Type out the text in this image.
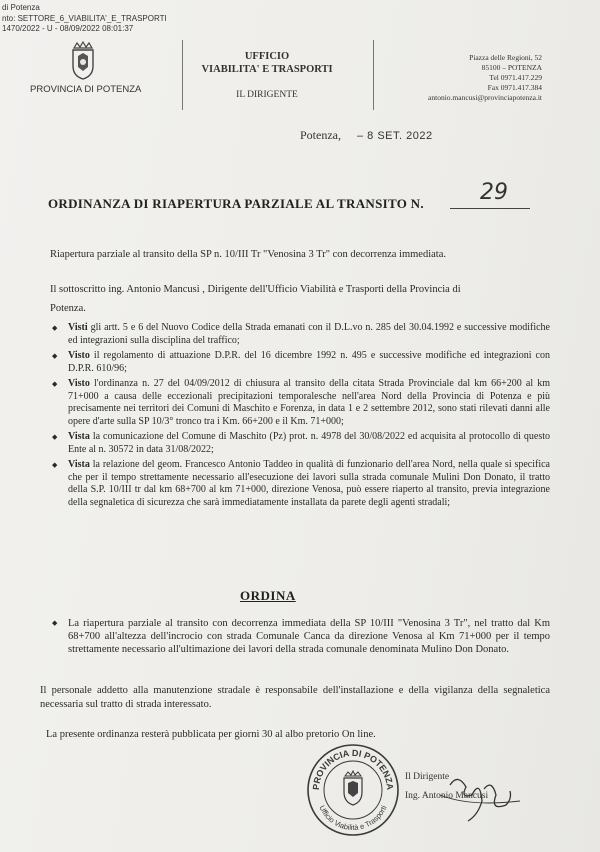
di Potenza
nto: SETTORE_6_VIABILITA'_E_TRASPORTI
1470/2022 - U - 08/09/2022 08:01:37
PROVINCIA DI POTENZA
UFFICIO
VIABILITA' E TRASPORTI
IL DIRIGENTE
Piazza delle Regioni, 52
85100 – POTENZA
Tel 0971.417.229
Fax 0971.417.384
antonio.mancusi@provinciapotenza.it
Potenza, – 8 SET. 2022
ORDINANZA DI RIAPERTURA PARZIALE AL TRANSITO N.	29
Riapertura parziale al transito della SP n. 10/III Tr "Venosina 3 Tr" con decorrenza immediata.
Il sottoscritto ing. Antonio Mancusi , Dirigente dell'Ufficio Viabilità e Trasporti della Provincia di
Potenza.
◆ Visti gli artt. 5 e 6 del Nuovo Codice della Strada emanati con il D.L.vo n. 285 del 30.04.1992 e successive modifiche ed integrazioni sulla disciplina del traffico;
◆ Visto il regolamento di attuazione D.P.R. del 16 dicembre 1992 n. 495 e successive modifiche ed integrazioni con D.P.R. 610/96;
◆ Visto l'ordinanza n. 27 del 04/09/2012 di chiusura al transito della citata Strada Provinciale dal km 66+200 al km 71+000 a causa delle eccezionali precipitazioni temporalesche nell'area Nord della Provincia di Potenza e più precisamente nei territori dei Comuni di Maschito e Forenza, in data 1 e 2 settembre 2012, sono stati rilevati danni alle opere d'arte sulla SP 10/3° tronco tra i Km. 66+200 e il Km. 71+000;
◆ Vista la comunicazione del Comune di Maschito (Pz) prot. n. 4978 del 30/08/2022 ed acquisita al protocollo di questo Ente al n. 30572 in data 31/08/2022;
◆ Vista la relazione del geom. Francesco Antonio Taddeo in qualità di funzionario dell'area Nord, nella quale si specifica che per il tempo strettamente necessario all'esecuzione dei lavori sulla strada comunale Mulini Don Donato, il tratto della S.P. 10/III tr dal km 68+700 al km 71+000, direzione Venosa, può essere riaperto al transito, previa integrazione della segnaletica di sicurezza che sarà immediatamente installata da parete degli agenti stradali;
ORDINA
◆ La riapertura parziale al transito con decorrenza immediata della SP 10/III "Venosina 3 Tr", nel tratto dal Km 68+700 all'altezza dell'incrocio con strada Comunale Canca da direzione Venosa al Km 71+000 per il tempo strettamente necessario all'ultimazione dei lavori della strada comunale denominata Mulino Don Donato.
Il personale addetto alla manutenzione stradale è responsabile dell'installazione e della vigilanza della segnaletica necessaria sul tratto di strada interessato.
La presente ordinanza resterà pubblicata per giorni 30 al albo pretorio On line.
PROVINCIA DI POTENZA
Ufficio Viabilità e Trasporti
Il Dirigente
Ing. Antonio Mancusi
